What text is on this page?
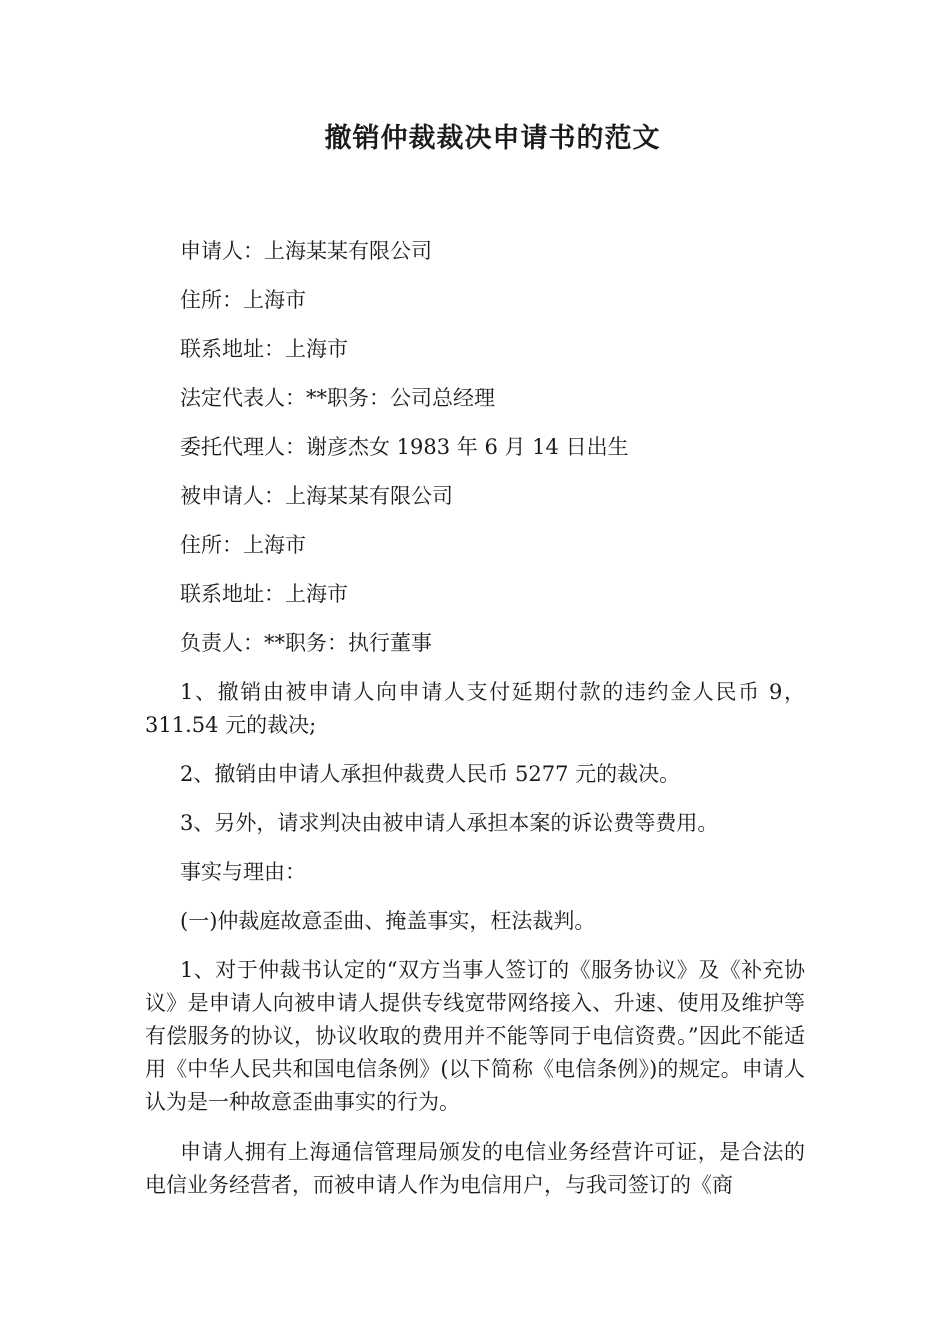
撤销仲裁裁决申请书的范文

申请人：上海某某有限公司

住所：上海市

联系地址：上海市

法定代表人：**职务：公司总经理

委托代理人：谢彦杰女 1983 年 6 月 14 日出生

被申请人：上海某某有限公司

住所：上海市

联系地址：上海市

负责人：**职务：执行董事

1、撤销由被申请人向申请人支付延期付款的违约金人民币 9，311.54 元的裁决;

2、撤销由申请人承担仲裁费人民币 5277 元的裁决。

3、另外，请求判决由被申请人承担本案的诉讼费等费用。

事实与理由：

(一)仲裁庭故意歪曲、掩盖事实，枉法裁判。

1、对于仲裁书认定的“双方当事人签订的《服务协议》及《补充协议》是申请人向被申请人提供专线宽带网络接入、升速、使用及维护等有偿服务的协议，协议收取的费用并不能等同于电信资费。”因此不能适用《中华人民共和国电信条例》(以下简称《电信条例》)的规定。申请人认为是一种故意歪曲事实的行为。

申请人拥有上海通信管理局颁发的电信业务经营许可证，是合法的电信业务经营者，而被申请人作为电信用户，与我司签订的《商
